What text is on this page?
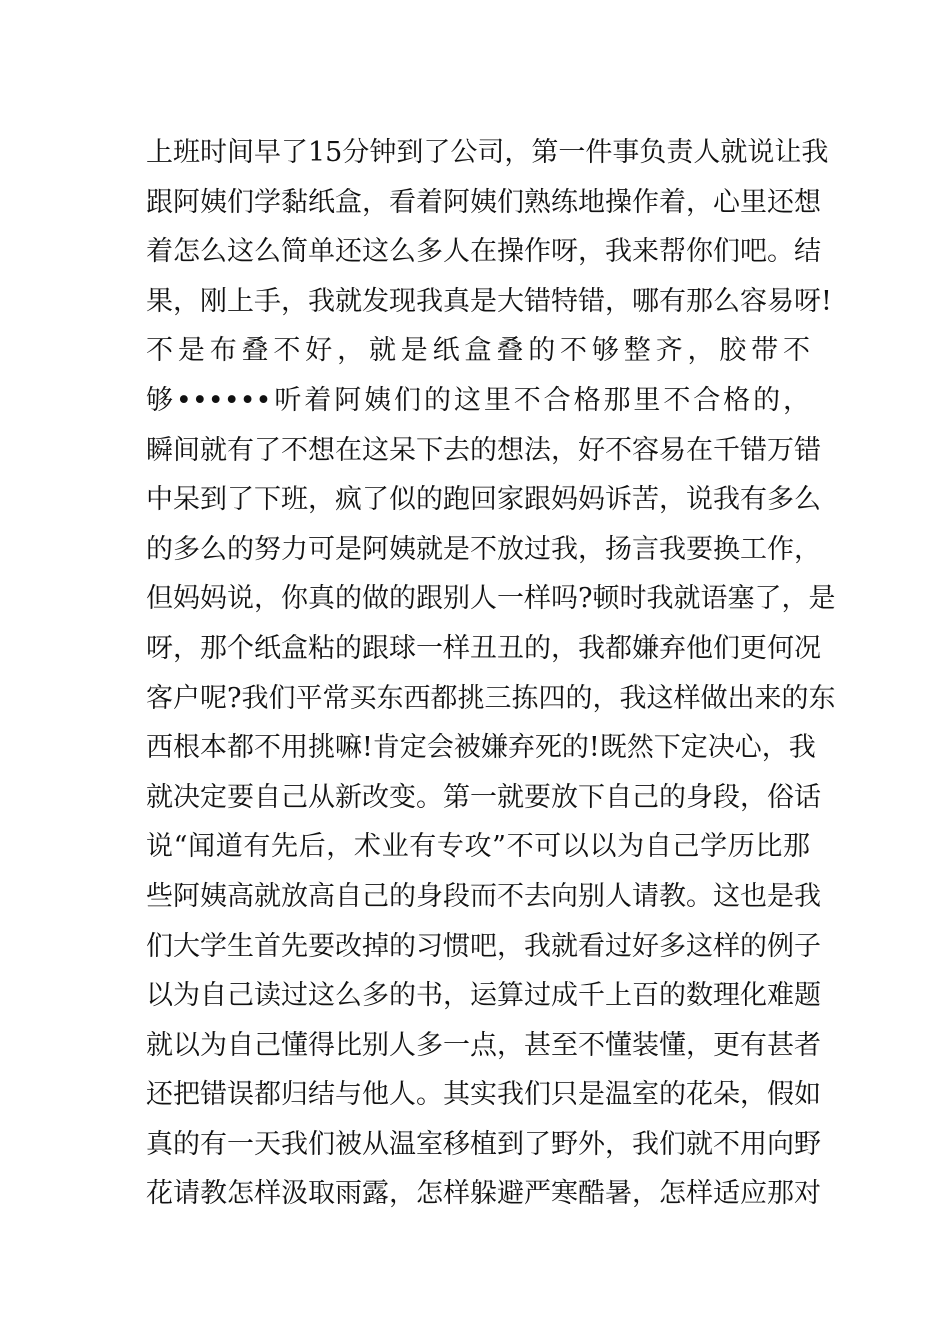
上班时间早了15分钟到了公司，第一件事负责人就说让我
跟阿姨们学黏纸盒，看着阿姨们熟练地操作着，心里还想
着怎么这么简单还这么多人在操作呀，我来帮你们吧。结
果，刚上手，我就发现我真是大错特错，哪有那么容易呀!
不是布叠不好，就是纸盒叠的不够整齐，胶带不
够••••••听着阿姨们的这里不合格那里不合格的，
瞬间就有了不想在这呆下去的想法，好不容易在千错万错
中呆到了下班，疯了似的跑回家跟妈妈诉苦，说我有多么
的多么的努力可是阿姨就是不放过我，扬言我要换工作，
但妈妈说，你真的做的跟别人一样吗?顿时我就语塞了，是
呀，那个纸盒粘的跟球一样丑丑的，我都嫌弃他们更何况
客户呢?我们平常买东西都挑三拣四的，我这样做出来的东
西根本都不用挑嘛!肯定会被嫌弃死的!既然下定决心，我
就决定要自己从新改变。第一就要放下自己的身段，俗话
说“闻道有先后，术业有专攻”不可以以为自己学历比那
些阿姨高就放高自己的身段而不去向别人请教。这也是我
们大学生首先要改掉的习惯吧，我就看过好多这样的例子
以为自己读过这么多的书，运算过成千上百的数理化难题
就以为自己懂得比别人多一点，甚至不懂装懂，更有甚者
还把错误都归结与他人。其实我们只是温室的花朵，假如
真的有一天我们被从温室移植到了野外，我们就不用向野
花请教怎样汲取雨露，怎样躲避严寒酷暑，怎样适应那对
